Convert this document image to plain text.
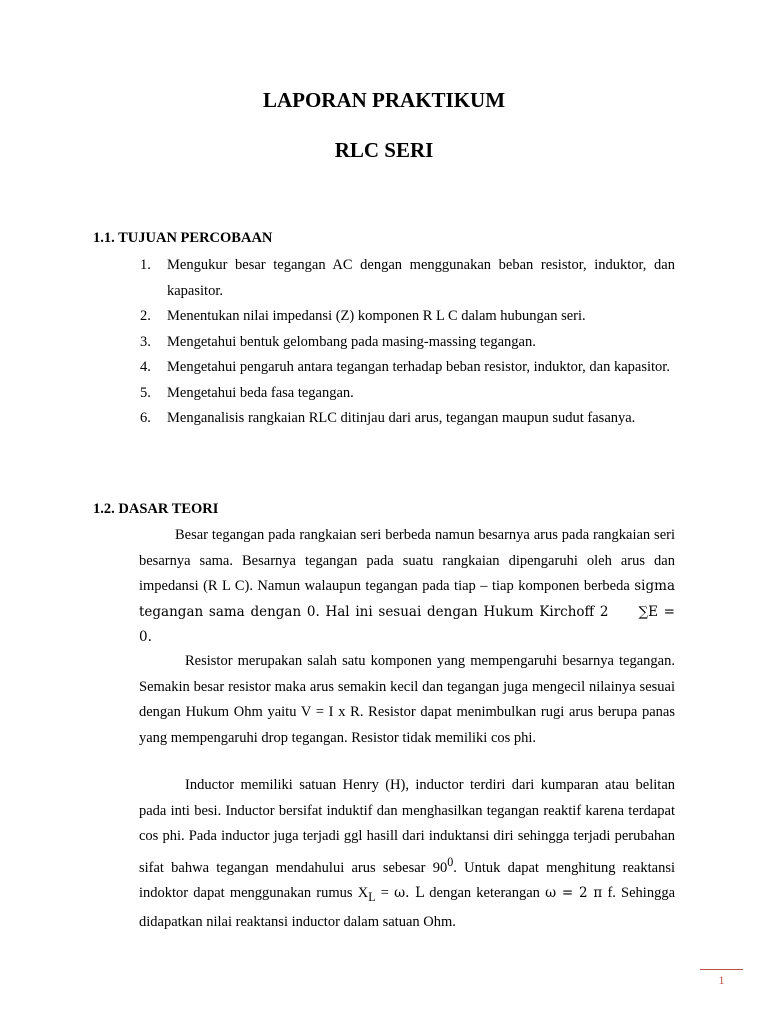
LAPORAN PRAKTIKUM
RLC SERI
1.1. TUJUAN PERCOBAAN
1. Mengukur besar tegangan AC dengan menggunakan beban resistor, induktor, dan kapasitor.
2. Menentukan nilai impedansi (Z) komponen R L C dalam hubungan seri.
3. Mengetahui bentuk gelombang pada masing-massing tegangan.
4. Mengetahui pengaruh antara tegangan terhadap beban resistor, induktor, dan kapasitor.
5. Mengetahui beda fasa tegangan.
6. Menganalisis rangkaian RLC ditinjau dari arus, tegangan maupun sudut fasanya.
1.2. DASAR TEORI

Besar tegangan pada rangkaian seri berbeda namun besarnya arus pada rangkaian seri besarnya sama. Besarnya tegangan pada suatu rangkaian dipengaruhi oleh arus dan impedansi (R L C). Namun walaupun tegangan pada tiap – tiap komponen berbeda sigma tegangan sama dengan 0. Hal ini sesuai dengan Hukum Kirchoff 2 ∑E = 0.

Resistor merupakan salah satu komponen yang mempengaruhi besarnya tegangan. Semakin besar resistor maka arus semakin kecil dan tegangan juga mengecil nilainya sesuai dengan Hukum Ohm yaitu V = I x R. Resistor dapat menimbulkan rugi arus berupa panas yang mempengaruhi drop tegangan. Resistor tidak memiliki cos phi.

Inductor memiliki satuan Henry (H), inductor terdiri dari kumparan atau belitan pada inti besi. Inductor bersifat induktif dan menghasilkan tegangan reaktif karena terdapat cos phi. Pada inductor juga terjadi ggl hasill dari induktansi diri sehingga terjadi perubahan sifat bahwa tegangan mendahului arus sebesar $90^0$. Untuk dapat menghitung reaktansi indoktor dapat menggunakan rumus $X_L = \omega$. L dengan keterangan ω = 2 π f. Sehingga didapatkan nilai reaktansi inductor dalam satuan Ohm.

1
